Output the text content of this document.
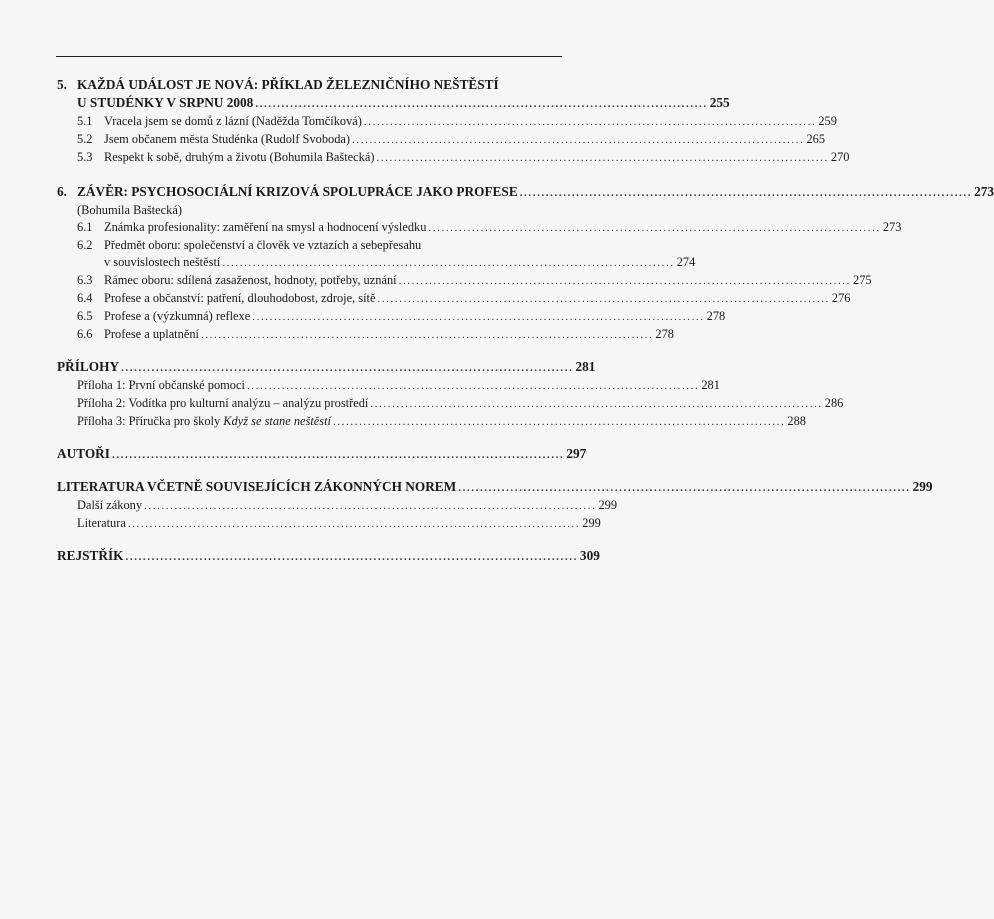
5. KAŽDÁ UDÁLOST JE NOVÁ: PŘÍKLAD ŽELEZNIČNÍHO NEŠTĚSTÍ
U STUDÉNKY V SRPNU 2008 ........................................................................................................ 255
5.1 Vracela jsem se domů z lázní (Naděžda Tomčíková) ........................................................................................................ 259
5.2 Jsem občanem města Studénka (Rudolf Svoboda) ........................................................................................................ 265
5.3 Respekt k sobě, druhým a životu (Bohumila Baštecká) ........................................................................................................ 270
6. ZÁVĚR: PSYCHOSOCIÁLNÍ KRIZOVÁ SPOLUPRÁCE JAKO PROFESE ........................................................................................................ 273
(Bohumila Baštecká)
6.1 Známka profesionality: zaměření na smysl a hodnocení výsledku ........................................................................................................ 273
6.2 Předmět oboru: společenství a člověk ve vztazích a sebepřesahu
v souvislostech neštěstí ........................................................................................................ 274
6.3 Rámec oboru: sdílená zasaženost, hodnoty, potřeby, uznání ........................................................................................................ 275
6.4 Profese a občanství: patření, dlouhodobost, zdroje, sítě ........................................................................................................ 276
6.5 Profese a (výzkumná) reflexe ........................................................................................................ 278
6.6 Profese a uplatnění ........................................................................................................ 278
PŘÍLOHY ........................................................................................................ 281
Příloha 1: První občanské pomoci ........................................................................................................ 281
Příloha 2: Vodítka pro kulturní analýzu – analýzu prostředí ........................................................................................................ 286
Příloha 3: Příručka pro školy Když se stane neštěstí ........................................................................................................ 288
AUTOŘI ........................................................................................................ 297
LITERATURA VČETNĚ SOUVISEJÍCÍCH ZÁKONNÝCH NOREM ........................................................................................................ 299
Další zákony ........................................................................................................ 299
Literatura ........................................................................................................ 299
REJSTŘÍK ........................................................................................................ 309
